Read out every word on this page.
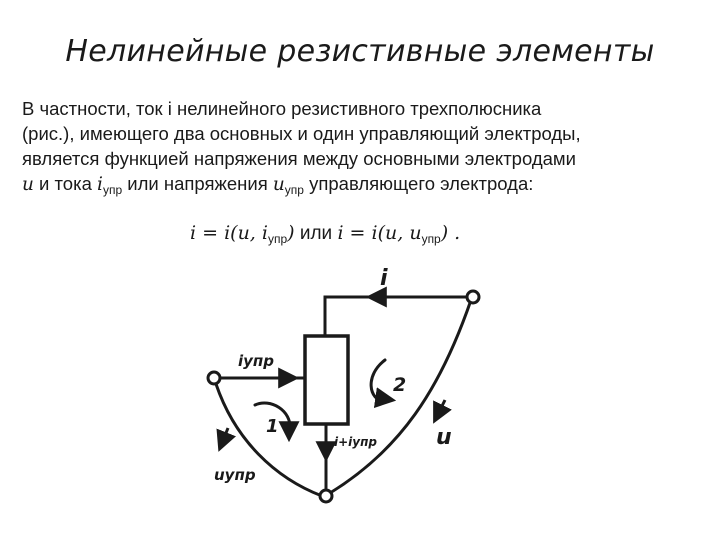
Нелинейные резистивные элементы

В частности, ток i нелинейного резистивного трехполюсника

(рис.), имеющего два основных и один управляющий электроды,

является функцией напряжения между основными электродами

u и тока $i_{упр}$ или напряжения $u_{упр}$ управляющего электрода:

i = i(u, $i_{упр}$) или i = i(u, $u_{упр}$) .
i
iупр
2
1	u
i+iупр
uупр
